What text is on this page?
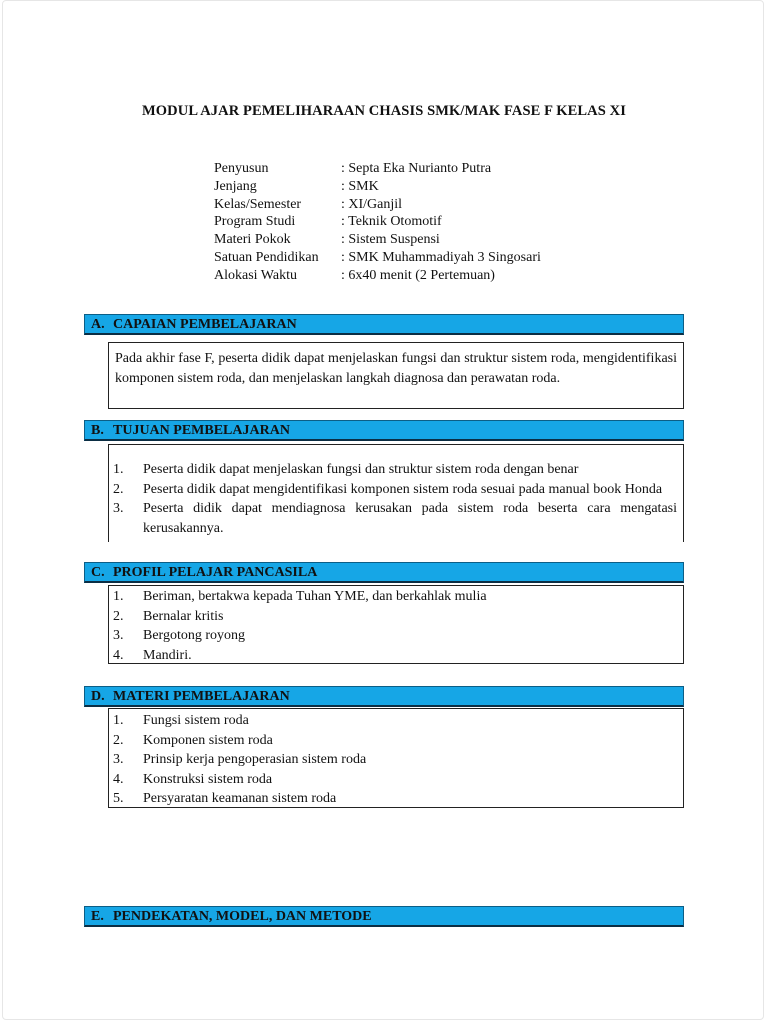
MODUL AJAR PEMELIHARAAN CHASIS SMK/MAK FASE F KELAS XI
Penyusun	: Septa Eka Nurianto Putra
Jenjang	: SMK
Kelas/Semester	: XI/Ganjil
Program Studi	: Teknik Otomotif
Materi Pokok	: Sistem Suspensi
Satuan Pendidikan	: SMK Muhammadiyah 3 Singosari
Alokasi Waktu	: 6x40 menit (2 Pertemuan)
A. CAPAIAN PEMBELAJARAN
Pada akhir fase F, peserta didik dapat menjelaskan fungsi dan struktur sistem roda, mengidentifikasi komponen sistem roda, dan menjelaskan langkah diagnosa dan perawatan roda.
B. TUJUAN PEMBELAJARAN
1.	Peserta didik dapat menjelaskan fungsi dan struktur sistem roda dengan benar
2.	Peserta didik dapat mengidentifikasi komponen sistem roda sesuai pada manual book Honda
3.	Peserta didik dapat mendiagnosa kerusakan pada sistem roda beserta cara mengatasi kerusakannya.
C. PROFIL PELAJAR PANCASILA
1.	Beriman, bertakwa kepada Tuhan YME, dan berkahlak mulia
2.	Bernalar kritis
3.	Bergotong royong
4.	Mandiri.
D. MATERI PEMBELAJARAN
1.	Fungsi sistem roda
2.	Komponen sistem roda
3.	Prinsip kerja pengoperasian sistem roda
4.	Konstruksi sistem roda
5.	Persyaratan keamanan sistem roda
E. PENDEKATAN, MODEL, DAN METODE
